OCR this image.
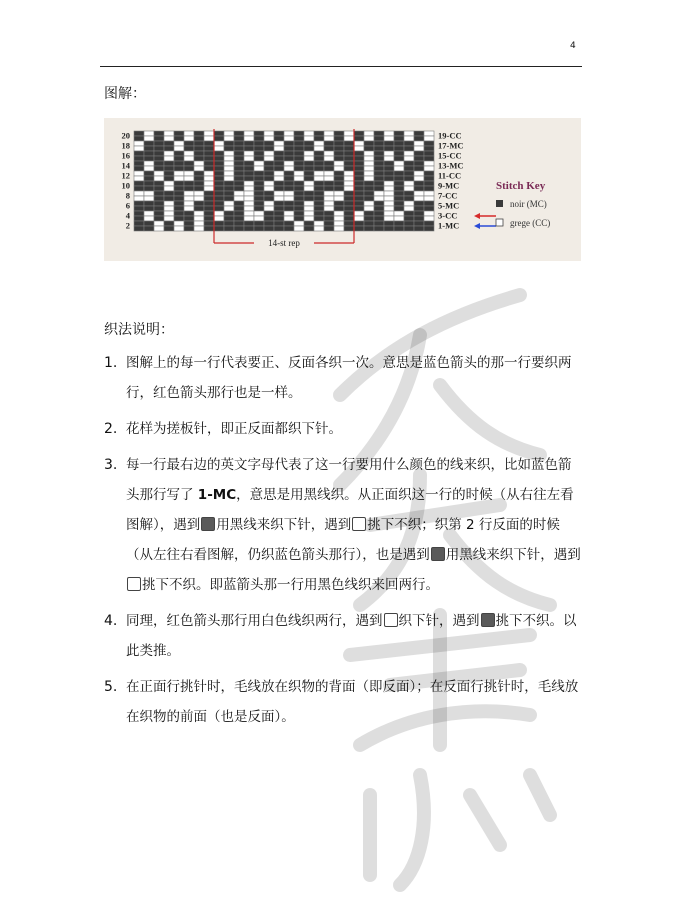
4
图解：
20
18
16
14
12
10
8
6
4
2
19-CC
17-MC
15-CC
13-MC
11-CC
9-MC
7-CC
5-MC
3-CC
1-MC
14-st rep
Stitch Key
noir (MC)
grege (CC)
织法说明：
1. 图解上的每一行代表要正、反面各织一次。意思是蓝色箭头的那一行要织两行，红色箭头那行也是一样。
2. 花样为搓板针，即正反面都织下针。
3. 每一行最右边的英文字母代表了这一行要用什么颜色的线来织，比如蓝色箭头那行写了 1-MC，意思是用黑线织。从正面织这一行的时候（从右往左看图解），遇到 用黑线来织下针，遇到 挑下不织；织第 2 行反面的时候（从左往右看图解，仍织蓝色箭头那行），也是遇到 用黑线来织下针，遇到挑下不织。即蓝箭头那一行用黑色线织来回两行。
4. 同理，红色箭头那行用白色线织两行，遇到 织下针，遇到 挑下不织。以此类推。
5. 在正面行挑针时，毛线放在织物的背面（即反面）；在反面行挑针时，毛线放在织物的前面（也是反面）。
